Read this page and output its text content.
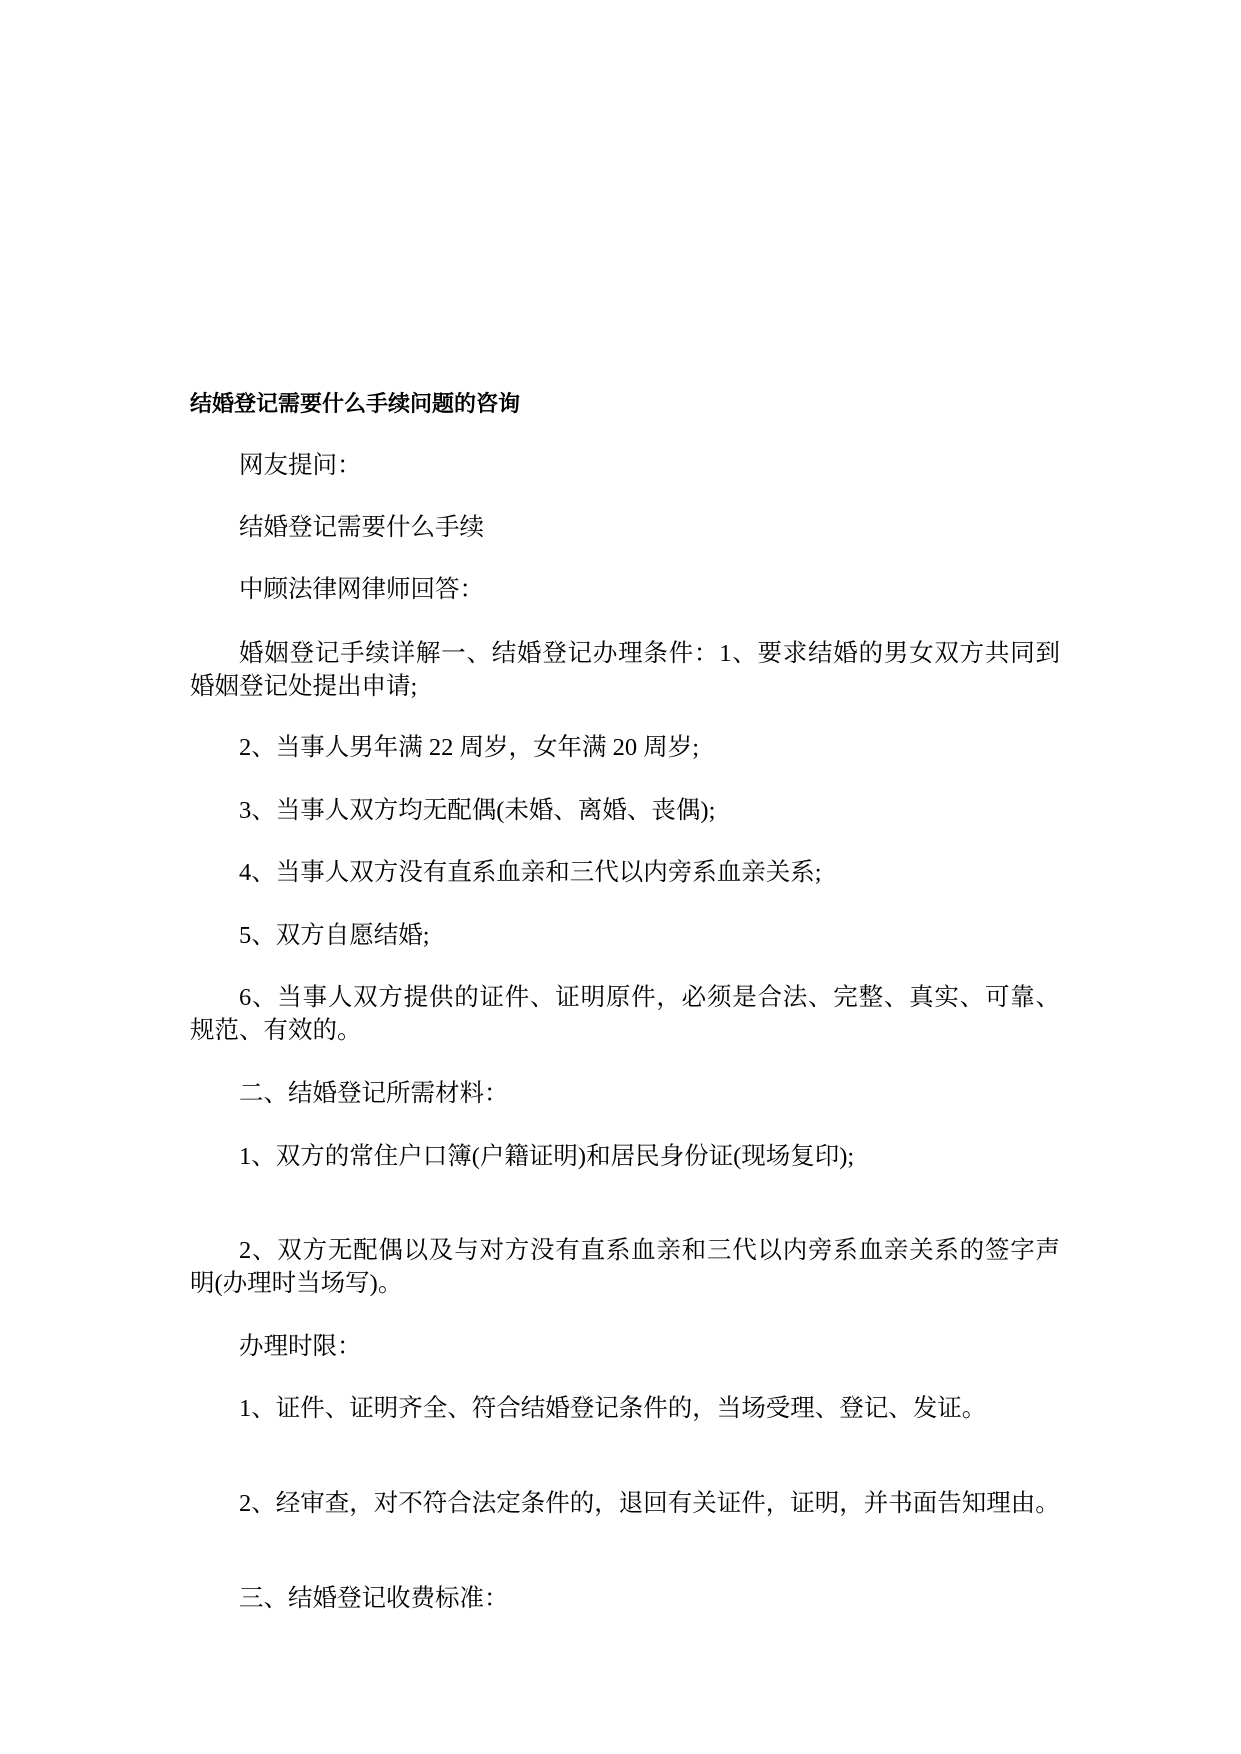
结婚登记需要什么手续问题的咨询
网友提问：
结婚登记需要什么手续
中顾法律网律师回答：
婚姻登记手续详解一、结婚登记办理条件：1、要求结婚的男女双方共同到
婚姻登记处提出申请;
2、当事人男年满 22 周岁，女年满 20 周岁;
3、当事人双方均无配偶(未婚、离婚、丧偶);
4、当事人双方没有直系血亲和三代以内旁系血亲关系;
5、双方自愿结婚;
6、当事人双方提供的证件、证明原件，必须是合法、完整、真实、可靠、
规范、有效的。
二、结婚登记所需材料：
1、双方的常住户口簿(户籍证明)和居民身份证(现场复印);
2、双方无配偶以及与对方没有直系血亲和三代以内旁系血亲关系的签字声
明(办理时当场写)。
办理时限：
1、证件、证明齐全、符合结婚登记条件的，当场受理、登记、发证。
2、经审查，对不符合法定条件的，退回有关证件，证明，并书面告知理由。
三、结婚登记收费标准：
